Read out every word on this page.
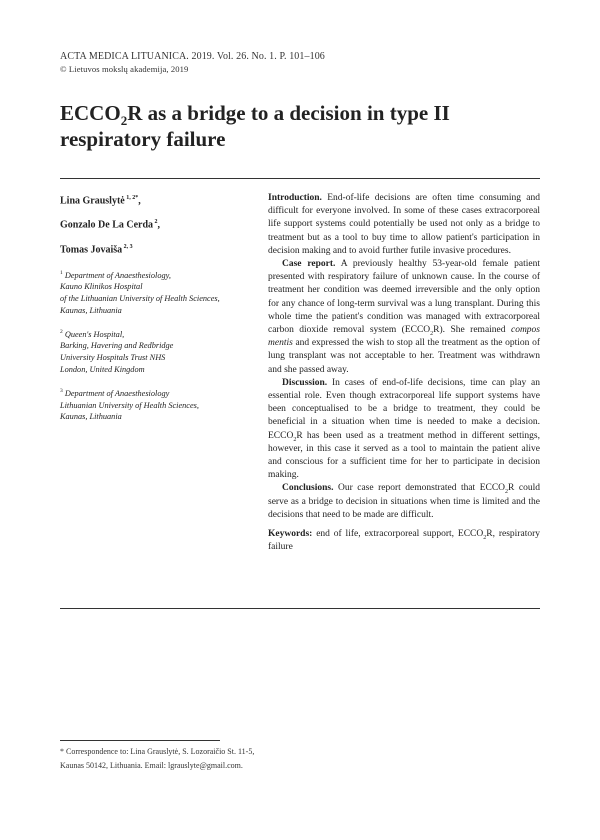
ACTA MEDICA LITUANICA. 2019. Vol. 26. No. 1. P. 101–106
© Lietuvos mokslų akademija, 2019
$ECCO_2R$ as a bridge to a decision in type II
respiratory failure
Lina Grauslytė $^{1, 2*}$,
Gonzalo De La Cerda $^2$,
Tomas Jovaiša $^{2, 3}$
$^1$ Department of Anaesthesiology,
Kauno Klinikos Hospital
of the Lithuanian University of Health Sciences,
Kaunas, Lithuania
$^2$ Queen's Hospital,
Barking, Havering and Redbridge
University Hospitals Trust NHS
London, United Kingdom
$^3$ Department of Anaesthesiology
Lithuanian University of Health Sciences,
Kaunas, Lithuania

Introduction. End-of-life decisions are often time consuming and difficult for everyone involved. In some of these cases extracorporeal life support systems could potentially be used not only as a bridge to treatment but as a tool to buy time to allow patient's participation in decision making and to avoid further futile invasive procedures.

Case report. A previously healthy 53-year-old female patient presented with respiratory failure of unknown cause. In the course of treatment her condition was deemed irreversible and the only option for any chance of long-term survival was a lung transplant. During this whole time the patient's condition was managed with extracorporeal carbon dioxide removal system $(ECCO_2R)$. She remained compos mentis and expressed the wish to stop all the treatment as the option of lung transplant was not acceptable to her. Treatment was withdrawn and she passed away.

Discussion. In cases of end-of-life decisions, time can play an essential role. Even though extracorporeal life support systems have been conceptualised to be a bridge to treatment, they could be beneficial in a situation when time is needed to make a decision. $ECCO_2R$ has been used as a treatment method in different settings, however, in this case it served as a tool to maintain the patient alive and conscious for a sufficient time for her to participate in decision making.

Conclusions. Our case report demonstrated that $ECCO_2R$ could serve as a bridge to decision in situations when time is limited and the decisions that need to be made are difficult.

Keywords: end of life, extracorporeal support, $ECCO_2R$, respiratory failure

* Correspondence to: Lina Grauslytė, S. Lozoraičio St. 11-5,
Kaunas 50142, Lithuania. Email: lgrauslyte@gmail.com.
